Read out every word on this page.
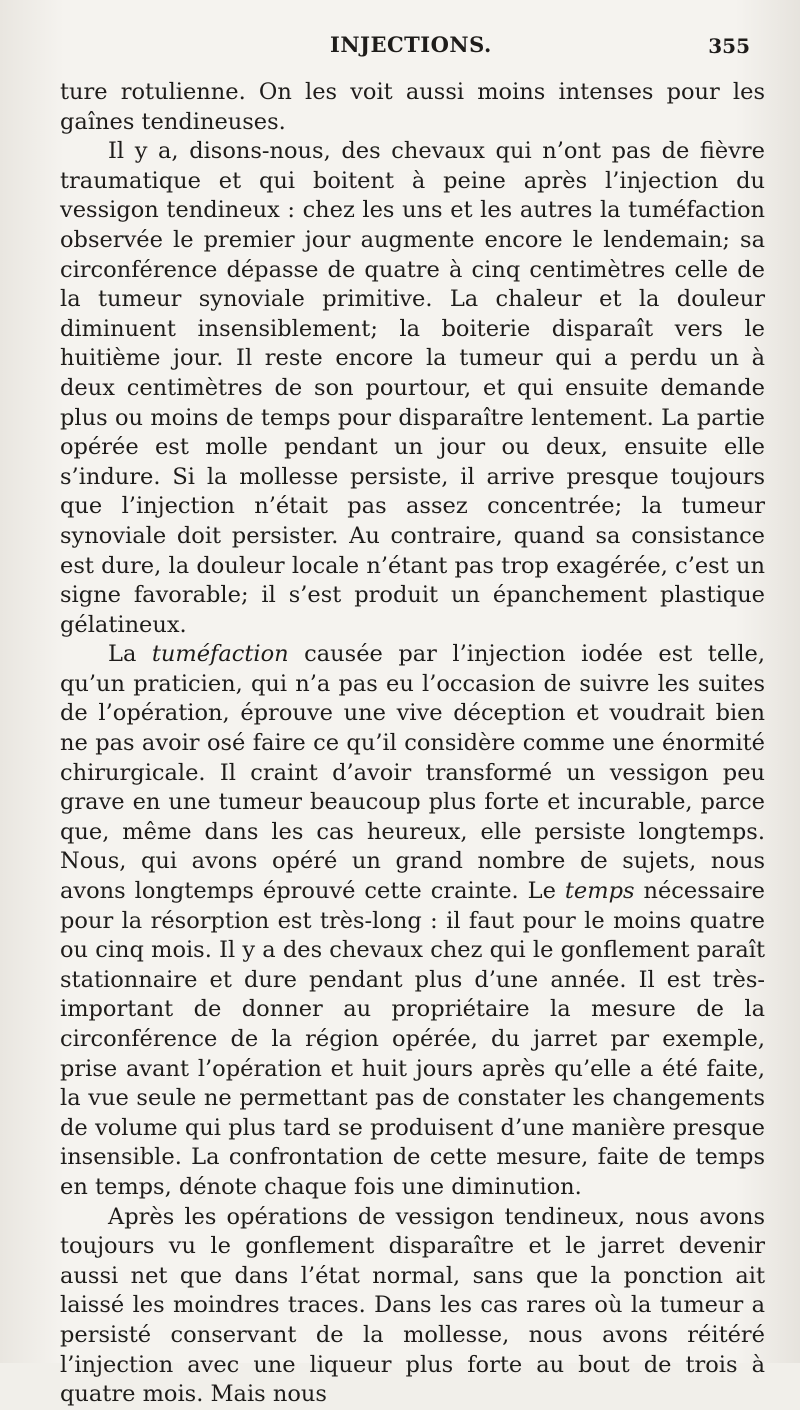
INJECTIONS.	355

ture rotulienne. On les voit aussi moins intenses pour les gaînes tendineuses.

Il y a, disons-nous, des chevaux qui n’ont pas de fièvre traumatique et qui boitent à peine après l’injection du vessigon tendineux : chez les uns et les autres la tuméfaction observée le premier jour augmente encore le lendemain; sa circonférence dépasse de quatre à cinq centimètres celle de la tumeur synoviale primitive. La chaleur et la douleur diminuent insensiblement; la boiterie disparaît vers le huitième jour. Il reste encore la tumeur qui a perdu un à deux centimètres de son pourtour, et qui ensuite demande plus ou moins de temps pour disparaître lentement. La partie opérée est molle pendant un jour ou deux, ensuite elle s’indure. Si la mollesse persiste, il arrive presque toujours que l’injection n’était pas assez concentrée; la tumeur synoviale doit persister. Au contraire, quand sa consistance est dure, la douleur locale n’étant pas trop exagérée, c’est un signe favorable; il s’est produit un épanchement plastique gélatineux.

La tuméfaction causée par l’injection iodée est telle, qu’un praticien, qui n’a pas eu l’occasion de suivre les suites de l’opération, éprouve une vive déception et voudrait bien ne pas avoir osé faire ce qu’il considère comme une énormité chirurgicale. Il craint d’avoir transformé un vessigon peu grave en une tumeur beaucoup plus forte et incurable, parce que, même dans les cas heureux, elle persiste longtemps. Nous, qui avons opéré un grand nombre de sujets, nous avons longtemps éprouvé cette crainte. Le temps nécessaire pour la résorption est très-long : il faut pour le moins quatre ou cinq mois. Il y a des chevaux chez qui le gonflement paraît stationnaire et dure pendant plus d’une année. Il est très-important de donner au propriétaire la mesure de la circonférence de la région opérée, du jarret par exemple, prise avant l’opération et huit jours après qu’elle a été faite, la vue seule ne permettant pas de constater les changements de volume qui plus tard se produisent d’une manière presque insensible. La confrontation de cette mesure, faite de temps en temps, dénote chaque fois une diminution.

Après les opérations de vessigon tendineux, nous avons toujours vu le gonflement disparaître et le jarret devenir aussi net que dans l’état normal, sans que la ponction ait laissé les moindres traces. Dans les cas rares où la tumeur a persisté conservant de la mollesse, nous avons réitéré l’injection avec une liqueur plus forte au bout de trois à quatre mois. Mais nous
